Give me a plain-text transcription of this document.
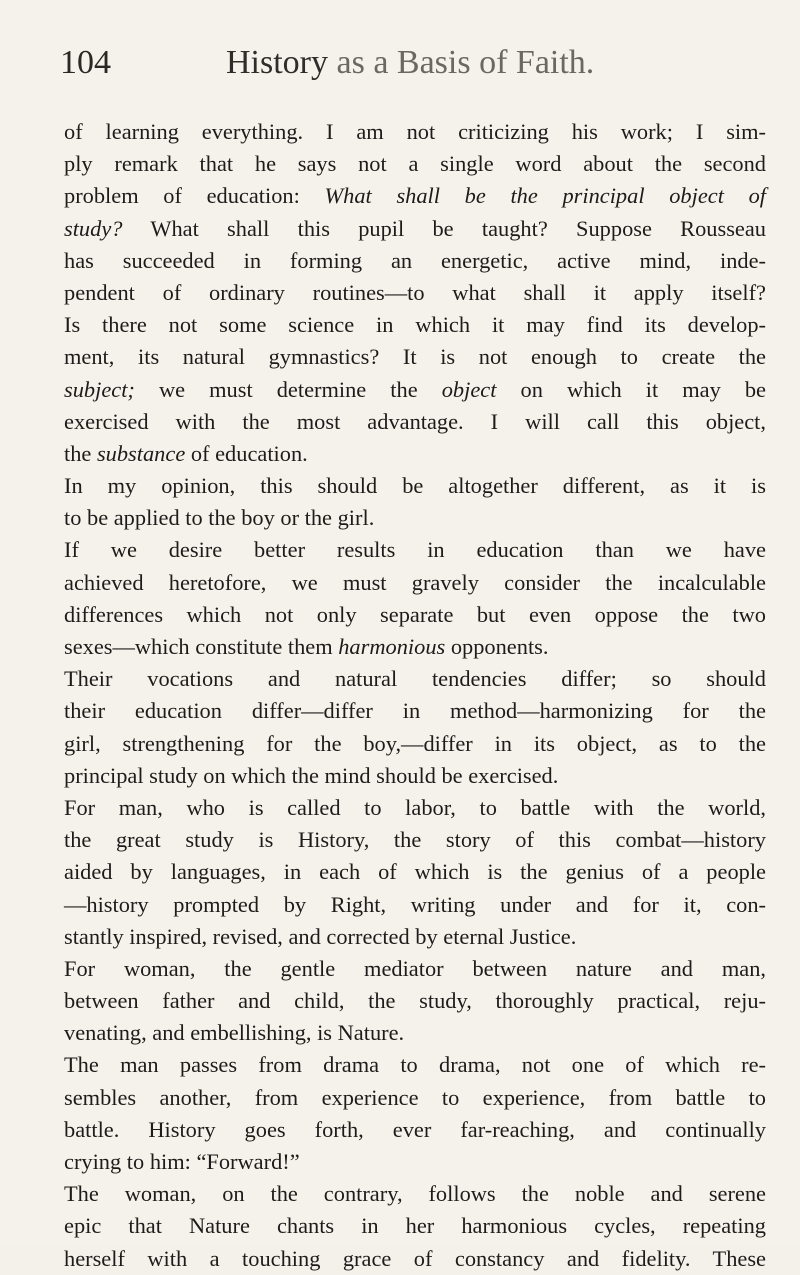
104	History as a Basis of Faith.
of learning everything. I am not criticizing his work; I sim-
ply remark that he says not a single word about the second
problem of education: What shall be the principal object of
study? What shall this pupil be taught? Suppose Rousseau
has succeeded in forming an energetic, active mind, inde-
pendent of ordinary routines—to what shall it apply itself?
Is there not some science in which it may find its develop-
ment, its natural gymnastics? It is not enough to create the
subject; we must determine the object on which it may be
exercised with the most advantage. I will call this object,
the substance of education.
In my opinion, this should be altogether different, as it is
to be applied to the boy or the girl.
If we desire better results in education than we have
achieved heretofore, we must gravely consider the incalculable
differences which not only separate but even oppose the two
sexes—which constitute them harmonious opponents.
Their vocations and natural tendencies differ; so should
their education differ—differ in method—harmonizing for the
girl, strengthening for the boy,—differ in its object, as to the
principal study on which the mind should be exercised.
For man, who is called to labor, to battle with the world,
the great study is History, the story of this combat—history
aided by languages, in each of which is the genius of a people
—history prompted by Right, writing under and for it, con-
stantly inspired, revised, and corrected by eternal Justice.
For woman, the gentle mediator between nature and man,
between father and child, the study, thoroughly practical, reju-
venating, and embellishing, is Nature.
The man passes from drama to drama, not one of which re-
sembles another, from experience to experience, from battle to
battle. History goes forth, ever far-reaching, and continually
crying to him: “Forward!”
The woman, on the contrary, follows the noble and serene
epic that Nature chants in her harmonious cycles, repeating
herself with a touching grace of constancy and fidelity. These
